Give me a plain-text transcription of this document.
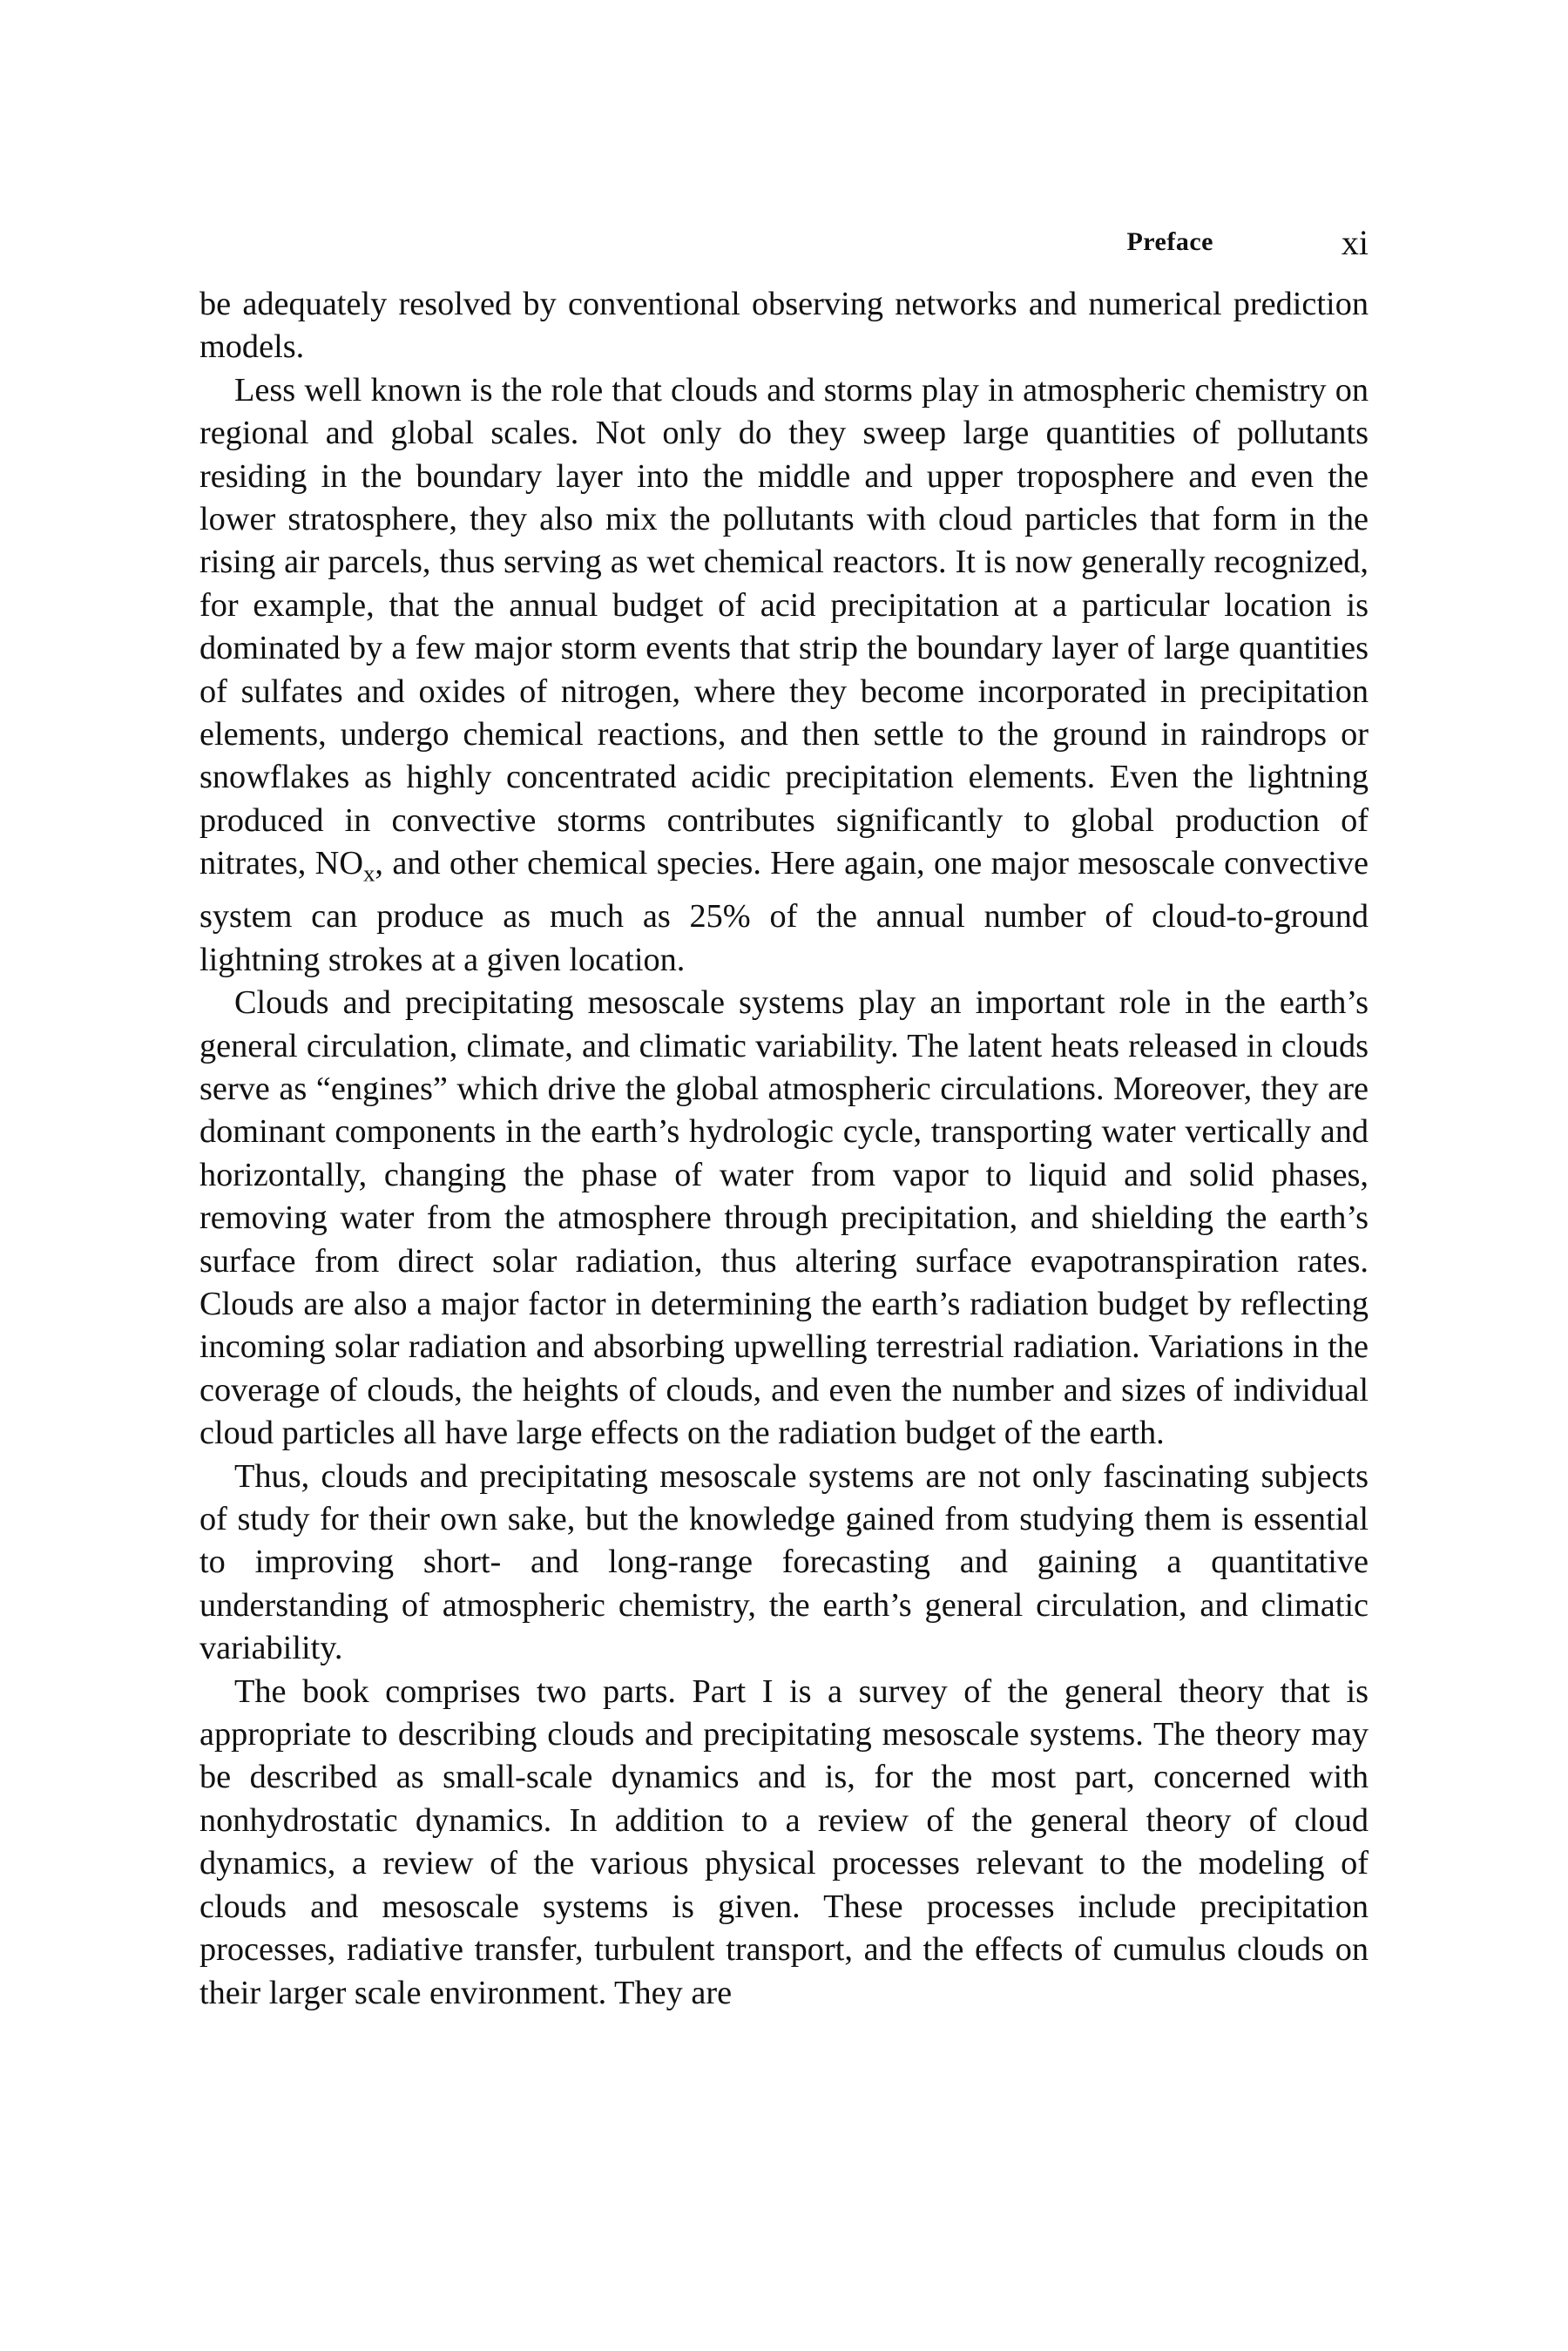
Preface	xi

be adequately resolved by conventional observing networks and numerical prediction models.

Less well known is the role that clouds and storms play in atmospheric chemistry on regional and global scales. Not only do they sweep large quantities of pollutants residing in the boundary layer into the middle and upper troposphere and even the lower stratosphere, they also mix the pollutants with cloud particles that form in the rising air parcels, thus serving as wet chemical reactors. It is now generally recognized, for example, that the annual budget of acid precipitation at a particular location is dominated by a few major storm events that strip the boundary layer of large quantities of sulfates and oxides of nitrogen, where they become incorporated in precipitation elements, undergo chemical reactions, and then settle to the ground in raindrops or snowflakes as highly concentrated acidic precipitation elements. Even the lightning produced in convective storms contributes significantly to global production of nitrates, $NO_x$, and other chemical species. Here again, one major mesoscale convective system can produce as much as 25% of the annual number of cloud-to-ground lightning strokes at a given location.

Clouds and precipitating mesoscale systems play an important role in the earth’s general circulation, climate, and climatic variability. The latent heats released in clouds serve as “engines” which drive the global atmospheric circulations. Moreover, they are dominant components in the earth’s hydrologic cycle, transporting water vertically and horizontally, changing the phase of water from vapor to liquid and solid phases, removing water from the atmosphere through precipitation, and shielding the earth’s surface from direct solar radiation, thus altering surface evapotranspiration rates. Clouds are also a major factor in determining the earth’s radiation budget by reflecting incoming solar radiation and absorbing upwelling terrestrial radiation. Variations in the coverage of clouds, the heights of clouds, and even the number and sizes of individual cloud particles all have large effects on the radiation budget of the earth.

Thus, clouds and precipitating mesoscale systems are not only fascinating subjects of study for their own sake, but the knowledge gained from studying them is essential to improving short- and long-range forecasting and gaining a quantitative understanding of atmospheric chemistry, the earth’s general circulation, and climatic variability.

The book comprises two parts. Part I is a survey of the general theory that is appropriate to describing clouds and precipitating mesoscale systems. The theory may be described as small-scale dynamics and is, for the most part, concerned with nonhydrostatic dynamics. In addition to a review of the general theory of cloud dynamics, a review of the various physical processes relevant to the modeling of clouds and mesoscale systems is given. These processes include precipitation processes, radiative transfer, turbulent transport, and the effects of cumulus clouds on their larger scale environment. They are
